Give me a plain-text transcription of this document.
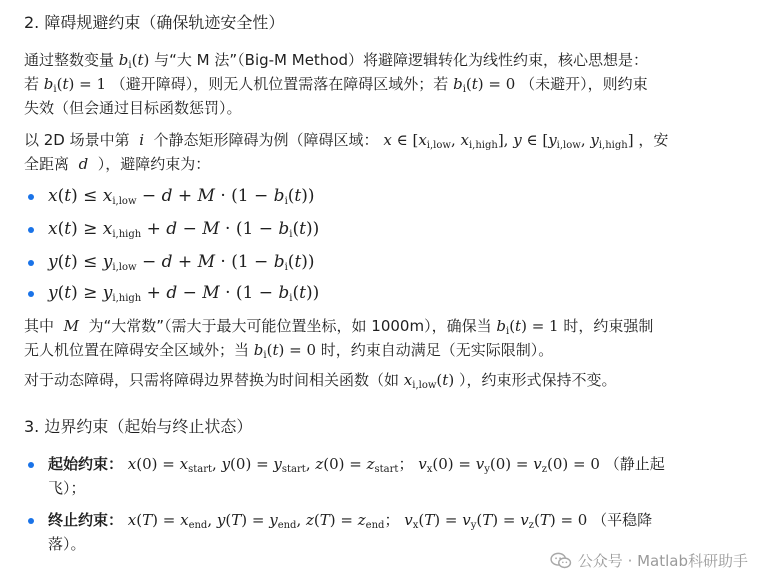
2. 障碍规避约束（确保轨迹安全性）
通过整数变量 $b_i(t)$ 与“大 M 法”（Big-M Method）将避障逻辑转化为线性约束，核心思想是：
若 $b_i(t) = 1$ （避开障碍），则无人机位置需落在障碍区域外；若 $b_i(t) = 0$ （未避开），则约束
失效（但会通过目标函数惩罚）。
以 2D 场景中第  i  个静态矩形障碍为例（障碍区域： x ∈ [$x_{i,low}$, $x_{i,high}$], y ∈ [$y_{i,low}$, $y_{i,high}$] ，安
全距离  d  ），避障约束为：
$x(t) \le x_{i,low} - d + M \cdot (1 - b_i(t))$
$x(t) \ge x_{i,high} + d - M \cdot (1 - b_i(t))$
$y(t) \le y_{i,low} - d + M \cdot (1 - b_i(t))$
$y(t) \ge y_{i,high} + d - M \cdot (1 - b_i(t))$
其中  M  为“大常数”（需大于最大可能位置坐标，如 1000m），确保当 $b_i(t) = 1$ 时，约束强制
无人机位置在障碍安全区域外；当 $b_i(t) = 0$ 时，约束自动满足（无实际限制）。
对于动态障碍，只需将障碍边界替换为时间相关函数（如 $x_{i,low}(t)$ ），约束形式保持不变。
3. 边界约束（起始与终止状态）
起始约束： $x(0) = x_{start}$, $y(0) = y_{start}$, $z(0) = z_{start}$； $v_x(0) = v_y(0) = v_z(0) = 0$ （静止起
飞）；
终止约束： $x(T) = x_{end}$, $y(T) = y_{end}$, $z(T) = z_{end}$； $v_x(T) = v_y(T) = v_z(T) = 0$ （平稳降
落）。
公众号 · Matlab科研助手
